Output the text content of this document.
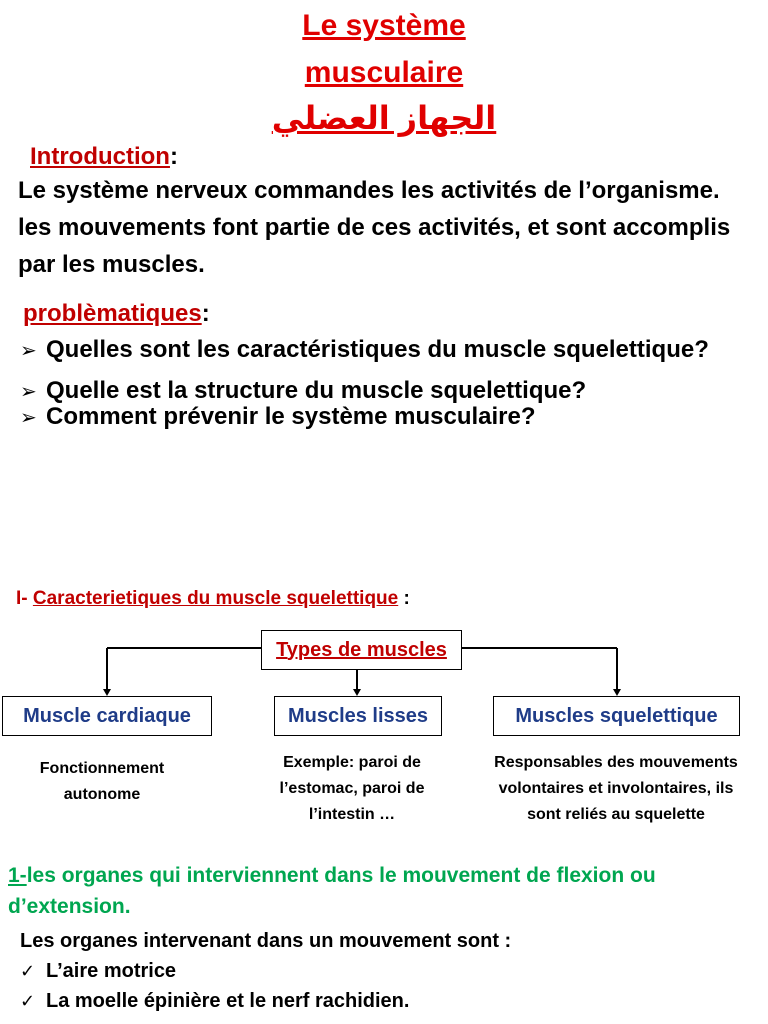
Le système
musculaire
الجهاز العضلي
Introduction:
Le système nerveux commandes les activités de l’organisme. les mouvements font partie de ces activités, et sont accomplis par les muscles.
problèmatiques:
➢ Quelles sont les caractéristiques du muscle squelettique?
➢ Quelle est la structure du muscle squelettique?
➢ Comment prévenir le système musculaire?
I- Caracterietiques du muscle squelettique :
Types de muscles
Muscle cardiaque	Muscles lisses	Muscles squelettique
Fonctionnement autonome
Exemple: paroi de l’estomac, paroi de l’intestin …
Responsables des mouvements volontaires et involontaires, ils sont reliés au squelette
1-les organes qui interviennent dans le mouvement de flexion ou d’extension.
Les organes intervenant dans un mouvement sont :
✓ L’aire motrice
✓ La moelle épinière et le nerf rachidien.
